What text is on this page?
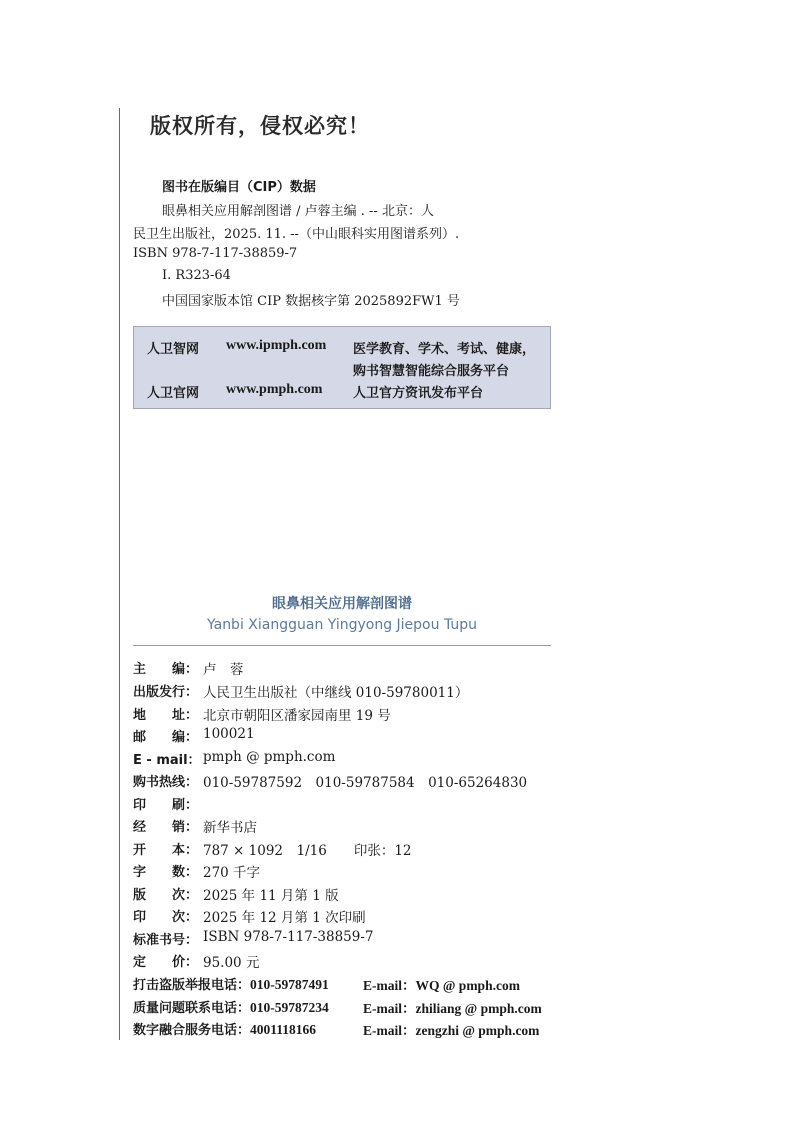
版权所有，侵权必究！
图书在版编目（CIP）数据
眼鼻相关应用解剖图谱 / 卢蓉主编 . -- 北京：人
民卫生出版社，2025. 11. --（中山眼科实用图谱系列）.
ISBN 978-7-117-38859-7
Ⅰ. R323-64
中国国家版本馆 CIP 数据核字第 2025892FW1 号
人卫智网 www.ipmph.com 医学教育、学术、考试、健康，
购书智慧智能综合服务平台
人卫官网 www.pmph.com 人卫官方资讯发布平台
眼鼻相关应用解剖图谱
Yanbi Xiangguan Yingyong Jiepou Tupu
主　　编： 卢　蓉
出版发行： 人民卫生出版社（中继线 010-59780011）
地　　址： 北京市朝阳区潘家园南里 19 号
邮　　编： 100021
E - mail： pmph @ pmph.com
购书热线： 010-59787592　010-59787584　010-65264830
印　　刷：
经　　销： 新华书店
开　　本： 787 × 1092　1/16　　印张：12
字　　数： 270 千字
版　　次： 2025 年 11 月第 1 版
印　　次： 2025 年 12 月第 1 次印刷
标准书号： ISBN 978-7-117-38859-7
定　　价： 95.00 元
打击盗版举报电话：010-59787491	E-mail：WQ @ pmph.com
质量问题联系电话：010-59787234	E-mail：zhiliang @ pmph.com
数字融合服务电话：4001118166	E-mail：zengzhi @ pmph.com
